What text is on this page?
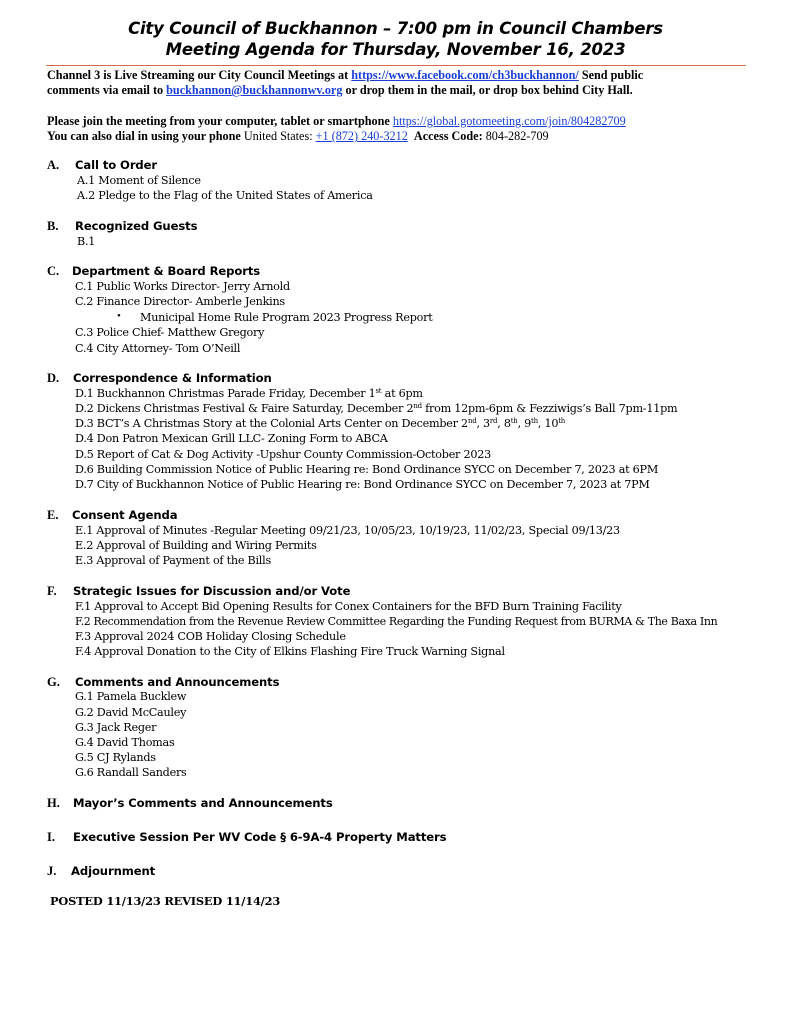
City Council of Buckhannon – 7:00 pm in Council Chambers
Meeting Agenda for Thursday, November 16, 2023
Channel 3 is Live Streaming our City Council Meetings at https://www.facebook.com/ch3buckhannon/ Send public
comments via email to buckhannon@buckhannonwv.org or drop them in the mail, or drop box behind City Hall.
Please join the meeting from your computer, tablet or smartphone https://global.gotomeeting.com/join/804282709
You can also dial in using your phone United States: +1 (872) 240-3212 Access Code: 804-282-709
A. Call to Order
A.1 Moment of Silence
A.2 Pledge to the Flag of the United States of America
B. Recognized Guests
B.1
C. Department & Board Reports
C.1 Public Works Director- Jerry Arnold
C.2 Finance Director- Amberle Jenkins
• Municipal Home Rule Program 2023 Progress Report
C.3 Police Chief- Matthew Gregory
C.4 City Attorney- Tom O’Neill
D. Correspondence & Information
D.1 Buckhannon Christmas Parade Friday, December 1st at 6pm
D.2 Dickens Christmas Festival & Faire Saturday, December 2nd from 12pm-6pm & Fezziwigs’s Ball 7pm-11pm
D.3 BCT’s A Christmas Story at the Colonial Arts Center on December 2nd, 3rd, 8th, 9th, 10th
D.4 Don Patron Mexican Grill LLC- Zoning Form to ABCA
D.5 Report of Cat & Dog Activity -Upshur County Commission-October 2023
D.6 Building Commission Notice of Public Hearing re: Bond Ordinance SYCC on December 7, 2023 at 6PM
D.7 City of Buckhannon Notice of Public Hearing re: Bond Ordinance SYCC on December 7, 2023 at 7PM
E. Consent Agenda
E.1 Approval of Minutes -Regular Meeting 09/21/23, 10/05/23, 10/19/23, 11/02/23, Special 09/13/23
E.2 Approval of Building and Wiring Permits
E.3 Approval of Payment of the Bills
F. Strategic Issues for Discussion and/or Vote
F.1 Approval to Accept Bid Opening Results for Conex Containers for the BFD Burn Training Facility
F.2 Recommendation from the Revenue Review Committee Regarding the Funding Request from BURMA & The Baxa Inn
F.3 Approval 2024 COB Holiday Closing Schedule
F.4 Approval Donation to the City of Elkins Flashing Fire Truck Warning Signal
G. Comments and Announcements
G.1 Pamela Bucklew
G.2 David McCauley
G.3 Jack Reger
G.4 David Thomas
G.5 CJ Rylands
G.6 Randall Sanders
H. Mayor’s Comments and Announcements
I. Executive Session Per WV Code § 6-9A-4 Property Matters
J. Adjournment
POSTED 11/13/23 REVISED 11/14/23
